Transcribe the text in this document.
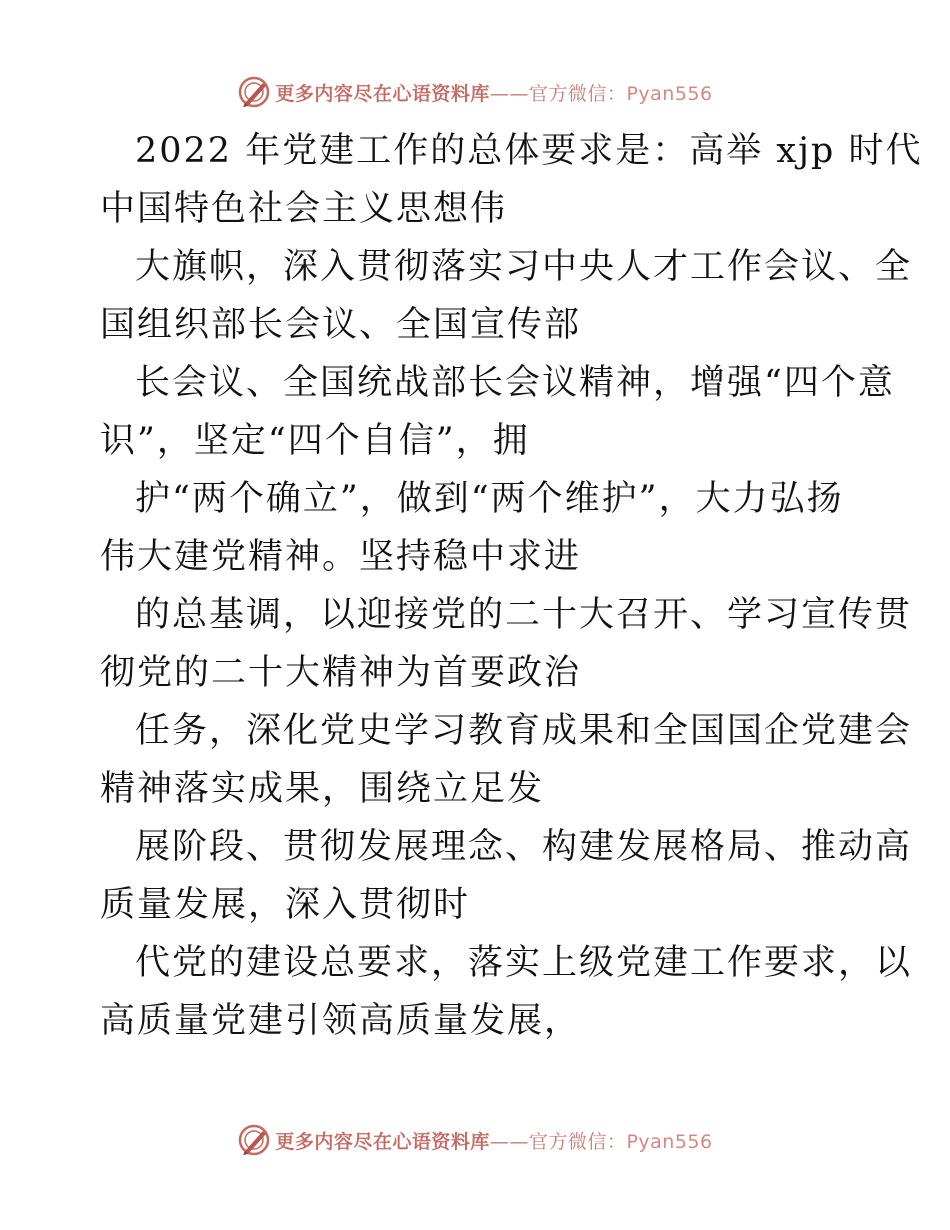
更多内容尽在心语资料库——官方微信：Pyan556
2022 年党建工作的总体要求是：高举 xjp 时代
中国特色社会主义思想伟
大旗帜，深入贯彻落实习中央人才工作会议、全
国组织部长会议、全国宣传部
长会议、全国统战部长会议精神，增强“四个意
识”，坚定“四个自信”，拥
护“两个确立”，做到“两个维护”，大力弘扬
伟大建党精神。坚持稳中求进
的总基调，以迎接党的二十大召开、学习宣传贯
彻党的二十大精神为首要政治
任务，深化党史学习教育成果和全国国企党建会
精神落实成果，围绕立足发
展阶段、贯彻发展理念、构建发展格局、推动高
质量发展，深入贯彻时
代党的建设总要求，落实上级党建工作要求，以
高质量党建引领高质量发展，
更多内容尽在心语资料库——官方微信：Pyan556
